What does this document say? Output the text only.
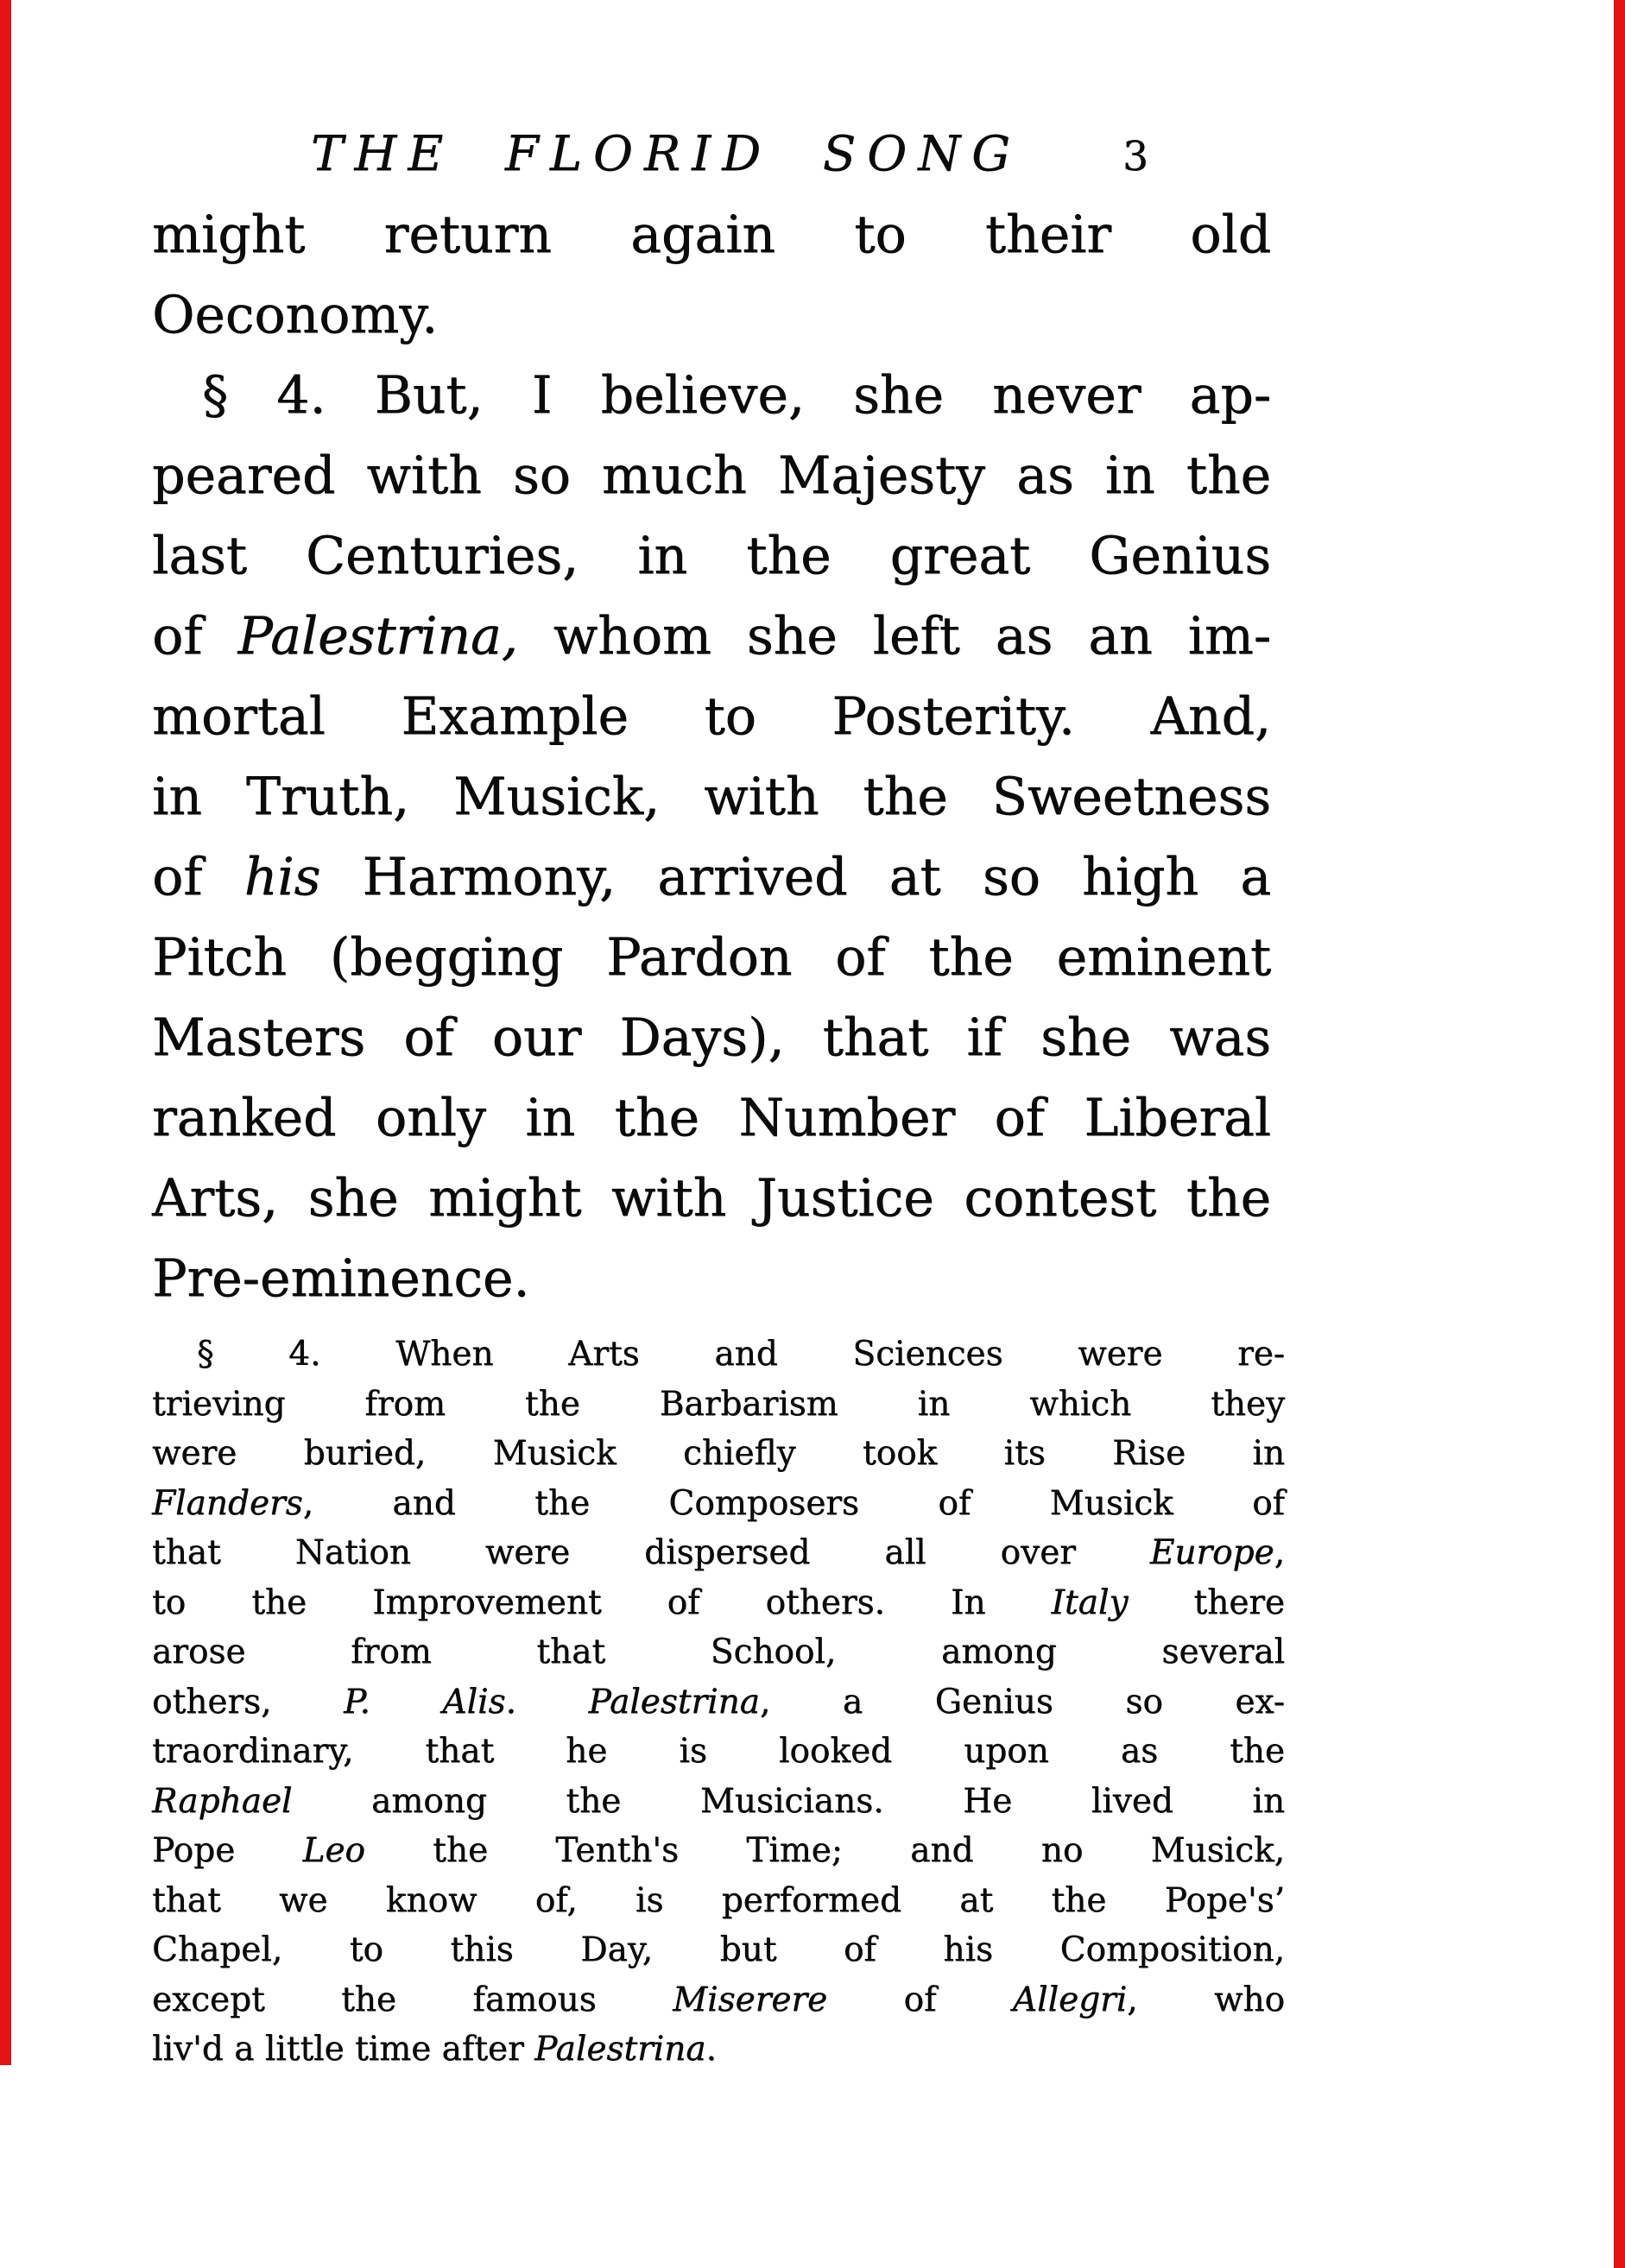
THE FLORID SONG 3
might return again to their old
Oeconomy.
§ 4. But, I believe, she never ap-
peared with so much Majesty as in the
last Centuries, in the great Genius
of Palestrina, whom she left as an im-
mortal Example to Posterity. And,
in Truth, Musick, with the Sweetness
of his Harmony, arrived at so high a
Pitch (begging Pardon of the eminent
Masters of our Days), that if she was
ranked only in the Number of Liberal
Arts, she might with Justice contest the
Pre-eminence.
§ 4. When Arts and Sciences were re-
trieving from the Barbarism in which they
were buried, Musick chiefly took its Rise in
Flanders, and the Composers of Musick of
that Nation were dispersed all over Europe,
to the Improvement of others. In Italy there
arose from that School, among several
others, P. Alis. Palestrina, a Genius so ex-
traordinary, that he is looked upon as the
Raphael among the Musicians. He lived in
Pope Leo the Tenth's Time; and no Musick,
that we know of, is performed at the Pope's’
Chapel, to this Day, but of his Composition,
except the famous Miserere of Allegri, who
liv'd a little time after Palestrina.
